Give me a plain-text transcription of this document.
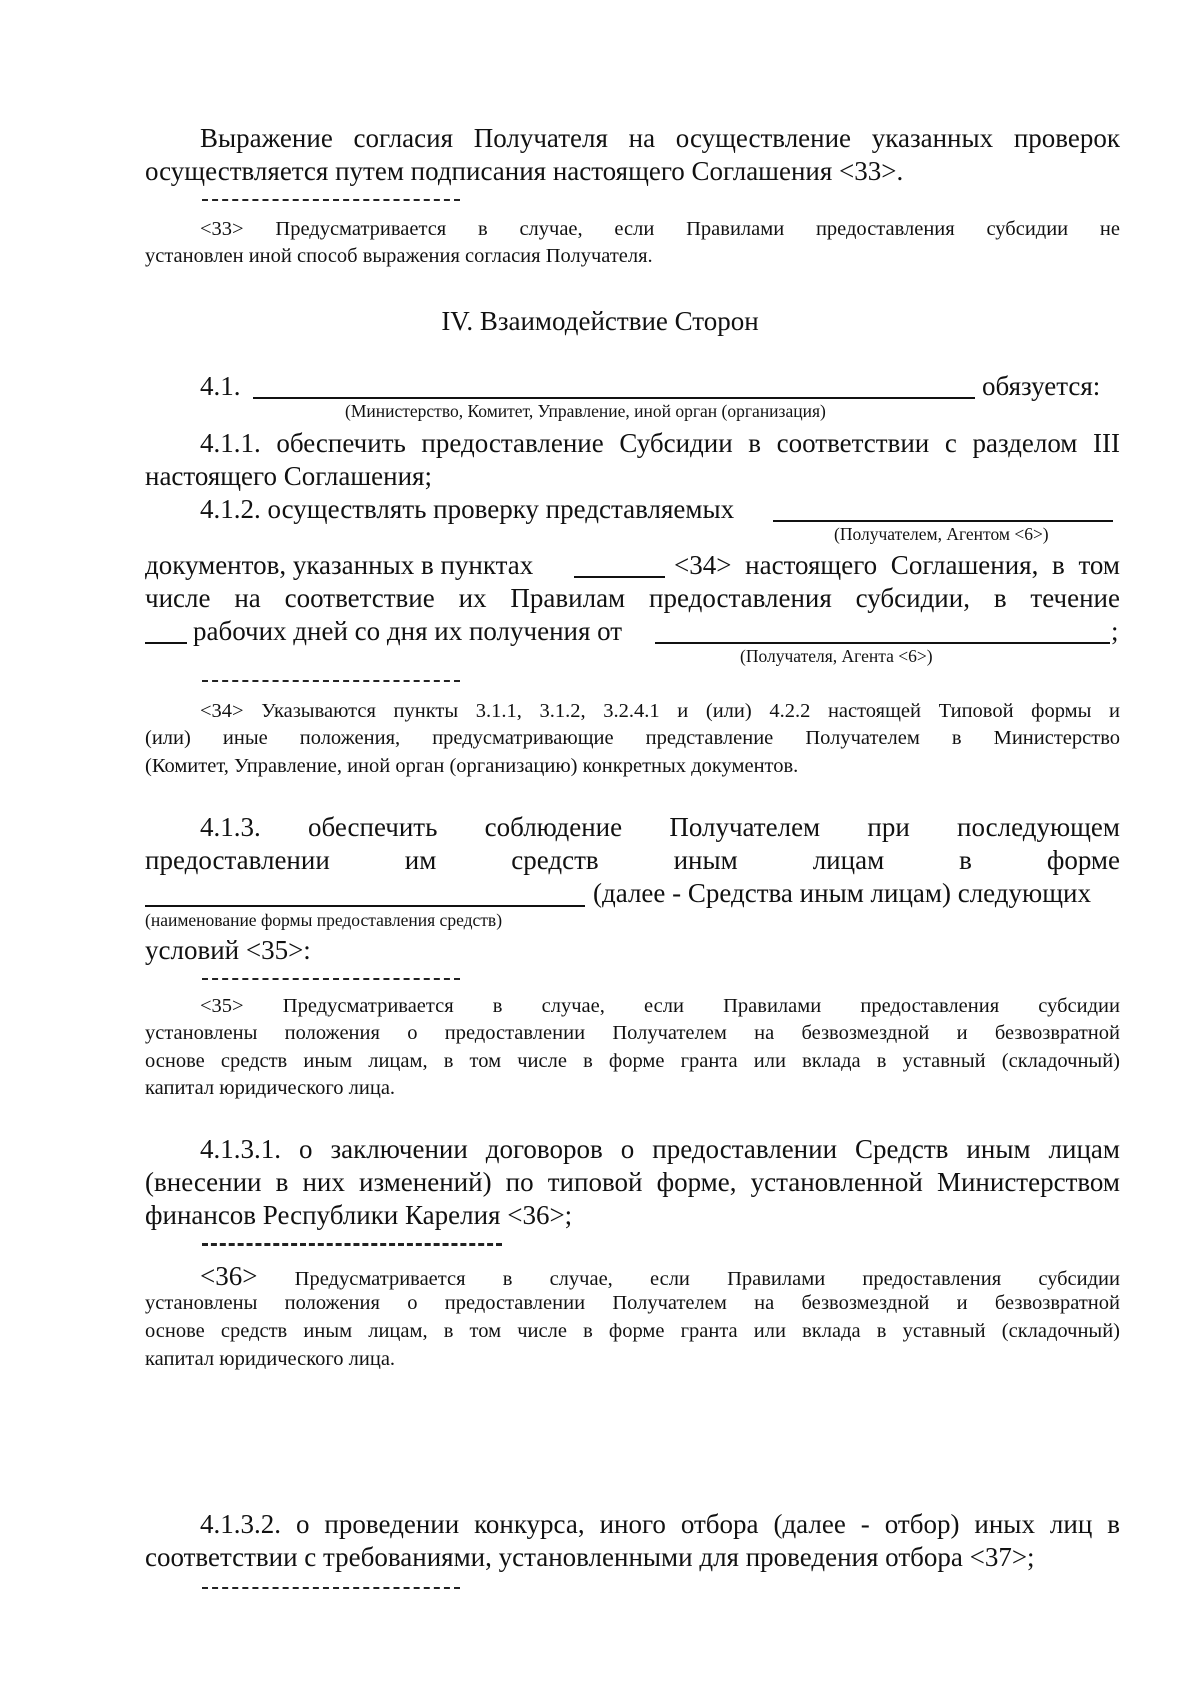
Выражение согласия Получателя на осуществление указанных проверок
осуществляется путем подписания настоящего Соглашения <33>.
<33> Предусматривается в случае, если Правилами предоставления субсидии не
установлен иной способ выражения согласия Получателя.
IV. Взаимодействие Сторон
4.1.	обязуется:
(Министерство, Комитет, Управление, иной орган (организация)
4.1.1. обеспечить предоставление Субсидии в соответствии с разделом III
настоящего Соглашения;
4.1.2. осуществлять проверку представляемых
(Получателем, Агентом <6>)
документов, указанных в пунктах	<34> настоящего Соглашения, в том
числе на соответствие их Правилам предоставления субсидии, в течение
рабочих дней со дня их получения от	;
(Получателя, Агента <6>)
<34> Указываются пункты 3.1.1, 3.1.2, 3.2.4.1 и (или) 4.2.2 настоящей Типовой формы и
(или) иные положения, предусматривающие представление Получателем в Министерство
(Комитет, Управление, иной орган (организацию) конкретных документов.
4.1.3. обеспечить соблюдение Получателем при последующем
предоставлении им средств иным лицам в форме
(далее - Средства иным лицам) следующих
(наименование формы предоставления средств)
условий <35>:
<35> Предусматривается в случае, если Правилами предоставления субсидии
установлены положения о предоставлении Получателем на безвозмездной и безвозвратной
основе средств иным лицам, в том числе в форме гранта или вклада в уставный (складочный)
капитал юридического лица.
4.1.3.1. о заключении договоров о предоставлении Средств иным лицам
(внесении в них изменений) по типовой форме, установленной Министерством
финансов Республики Карелия <36>;
<36> Предусматривается в случае, если Правилами предоставления субсидии
установлены положения о предоставлении Получателем на безвозмездной и безвозвратной
основе средств иным лицам, в том числе в форме гранта или вклада в уставный (складочный)
капитал юридического лица.
4.1.3.2. о проведении конкурса, иного отбора (далее - отбор) иных лиц в
соответствии с требованиями, установленными для проведения отбора <37>;
